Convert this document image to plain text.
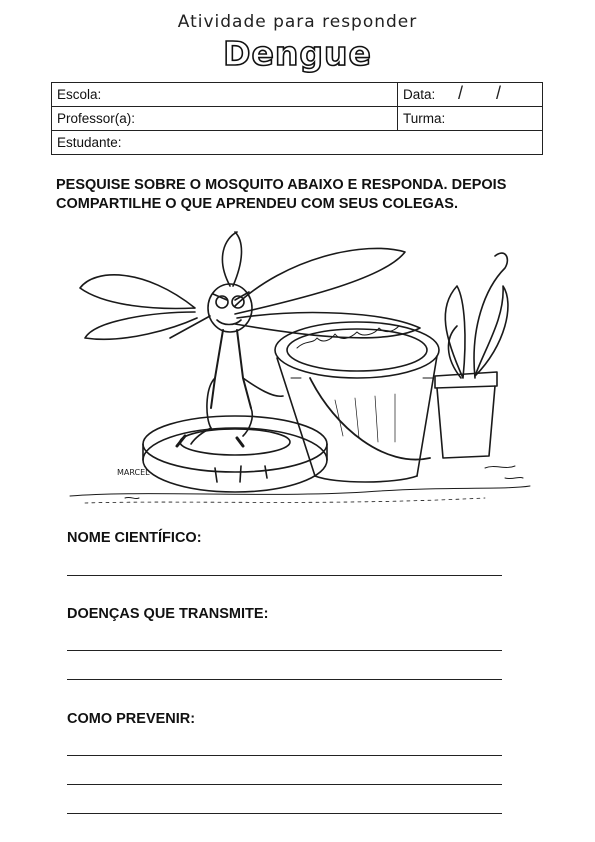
Atividade para responder
Dengue
Escola:	Data: / /

Professor(a):	Turma:
Estudante:	
PESQUISE SOBRE O MOSQUITO ABAIXO E RESPONDA. DEPOIS COMPARTILHE O QUE APRENDEU COM SEUS COLEGAS.
MARCEL
NOME CIENTÍFICO:
DOENÇAS QUE TRANSMITE:
COMO PREVENIR:
